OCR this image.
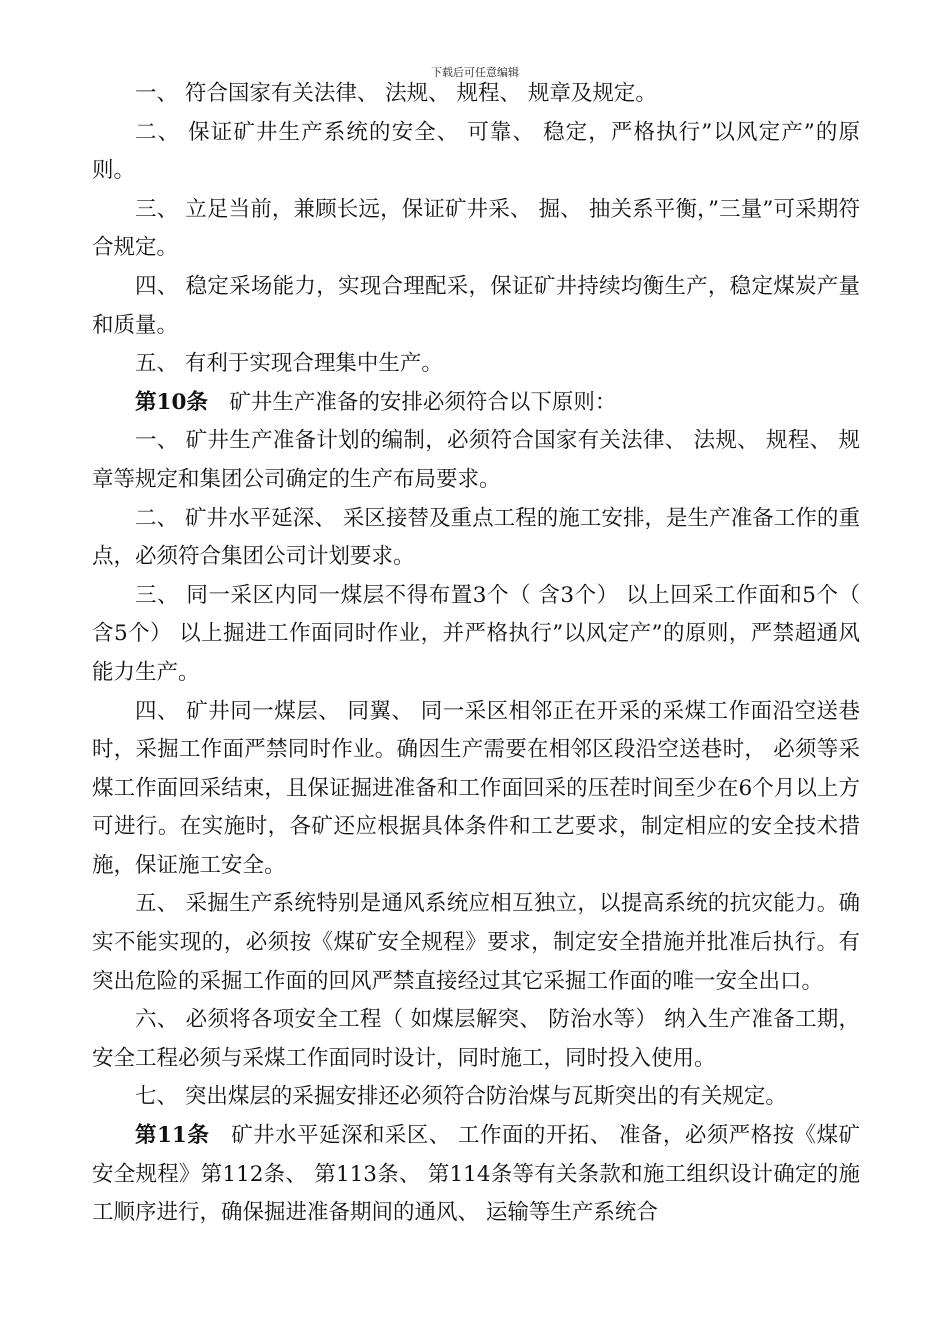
下载后可任意编辑

一、 符合国家有关法律、 法规、 规程、 规章及规定。

二、 保证矿井生产系统的安全、 可靠、 稳定，严格执行”以风定产”的原则。

三、 立足当前，兼顾长远，保证矿井采、 掘、 抽关系平衡，”三量”可采期符合规定。

四、 稳定采场能力，实现合理配采，保证矿井持续均衡生产，稳定煤炭产量和质量。

五、 有利于实现合理集中生产。

第10条  矿井生产准备的安排必须符合以下原则：

一、 矿井生产准备计划的编制，必须符合国家有关法律、 法规、 规程、 规章等规定和集团公司确定的生产布局要求。

二、 矿井水平延深、 采区接替及重点工程的施工安排，是生产准备工作的重点，必须符合集团公司计划要求。

三、 同一采区内同一煤层不得布置3个（ 含3个） 以上回采工作面和5个（ 含5个） 以上掘进工作面同时作业，并严格执行”以风定产”的原则，严禁超通风能力生产。

四、 矿井同一煤层、 同翼、 同一采区相邻正在开采的采煤工作面沿空送巷时，采掘工作面严禁同时作业。确因生产需要在相邻区段沿空送巷时， 必须等采煤工作面回采结束，且保证掘进准备和工作面回采的压茬时间至少在6个月以上方可进行。在实施时，各矿还应根据具体条件和工艺要求，制定相应的安全技术措施，保证施工安全。

五、 采掘生产系统特别是通风系统应相互独立，以提高系统的抗灾能力。确实不能实现的，必须按《煤矿安全规程》要求，制定安全措施并批准后执行。有突出危险的采掘工作面的回风严禁直接经过其它采掘工作面的唯一安全出口。

六、 必须将各项安全工程（ 如煤层解突、 防治水等） 纳入生产准备工期，安全工程必须与采煤工作面同时设计，同时施工，同时投入使用。

七、 突出煤层的采掘安排还必须符合防治煤与瓦斯突出的有关规定。

第11条  矿井水平延深和采区、 工作面的开拓、 准备，必须严格按《煤矿安全规程》第112条、 第113条、 第114条等有关条款和施工组织设计确定的施工顺序进行，确保掘进准备期间的通风、 运输等生产系统合
